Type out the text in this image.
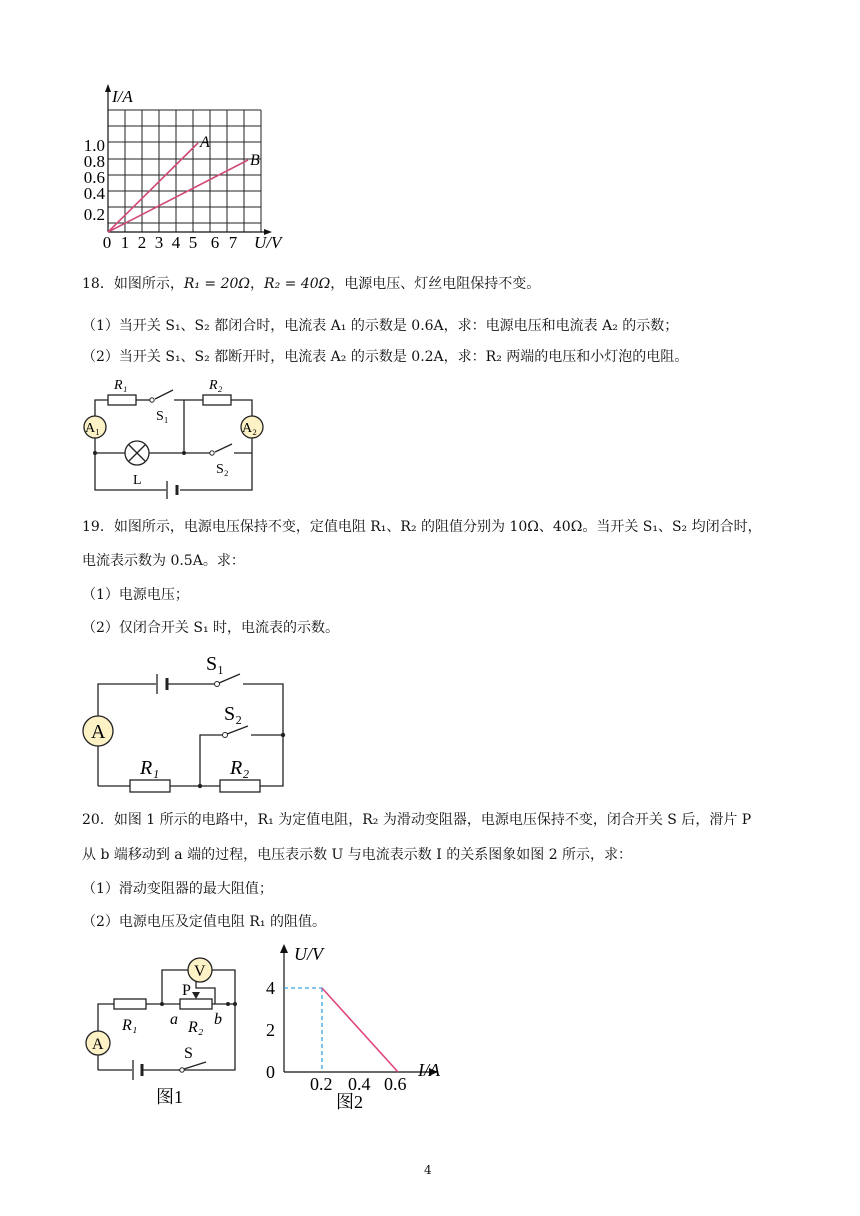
I/A
U/V
A
B
1.0
0.8
0.6
0.4
0.2
0 1 2 3 4 5 6 7
18．如图所示，R₁ = 20Ω，R₂ = 40Ω，电源电压、灯丝电阻保持不变。
（1）当开关 S₁、S₂ 都闭合时，电流表 A₁ 的示数是 0.6A，求：电源电压和电流表 A₂ 的示数；
（2）当开关 S₁、S₂ 都断开时，电流表 A₂ 的示数是 0.2A，求：R₂ 两端的电压和小灯泡的电阻。
A₁	A₂
R₁	R₂
S₁
S₂
L
19．如图所示，电源电压保持不变，定值电阻 R₁、R₂ 的阻值分别为 10Ω、40Ω。当开关 S₁、S₂ 均闭合时，
电流表示数为 0.5A。求：
（1）电源电压；
（2）仅闭合开关 S₁ 时，电流表的示数。
A
S₁
S₂
R₁	R₂
20．如图 1 所示的电路中，R₁ 为定值电阻，R₂ 为滑动变阻器，电源电压保持不变，闭合开关 S 后，滑片 P
从 b 端移动到 a 端的过程，电压表示数 U 与电流表示数 I 的关系图象如图 2 所示，求：
（1）滑动变阻器的最大阻值；
（2）电源电压及定值电阻 R₁ 的阻值。
V
A
P
a b
R₁	R₂
S
图1
U/V
I/A
4
2
0
0.2 0.4 0.6
图2
4
